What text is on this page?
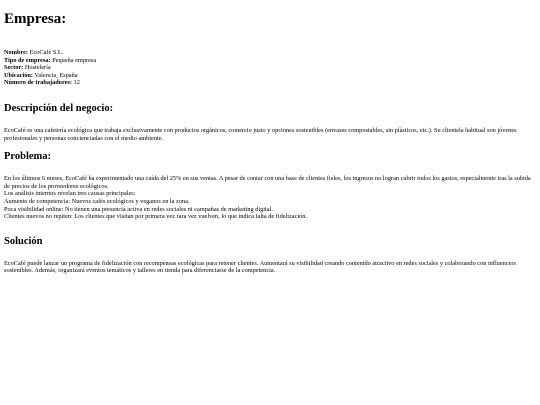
Empresa:
Nombre: EcoCafé S.L.
Tipo de empresa: Pequeña empresa
Sector: Hostelería
Ubicación: Valencia, España
Número de trabajadores: 12
Descripción del negocio:

EcoCafé es una cafetería ecológica que trabaja exclusivamente con productos orgánicos, comercio justo y opciones sostenibles (envases compostables, sin plásticos, etc.). Su clientela habitual son jóvenes profesionales y personas concienciadas con el medio ambiente.

Problema:
En los últimos 6 meses, EcoCafé ha experimentado una caída del 25% en sus ventas. A pesar de contar con una base de clientes fieles, los ingresos no logran cubrir todos los gastos, especialmente tras la subida de precios de los proveedores ecológicos.
Los análisis internos revelan tres causas principales:
Aumento de competencia: Nuevos cafés ecológicos y veganos en la zona.
Poca visibilidad online: No tienen una presencia activa en redes sociales ni campañas de marketing digital.
Clientes nuevos no repiten: Los clientes que visitan por primera vez rara vez vuelven, lo que indica falta de fidelización.
Solución

EcoCafé puede lanzar un programa de fidelización con recompensas ecológicas para retener clientes. Aumentará su visibilidad creando contenido atractivo en redes sociales y colaborando con influencers sostenibles. Además, organizará eventos temáticos y talleres en tienda para diferenciarse de la competencia.
